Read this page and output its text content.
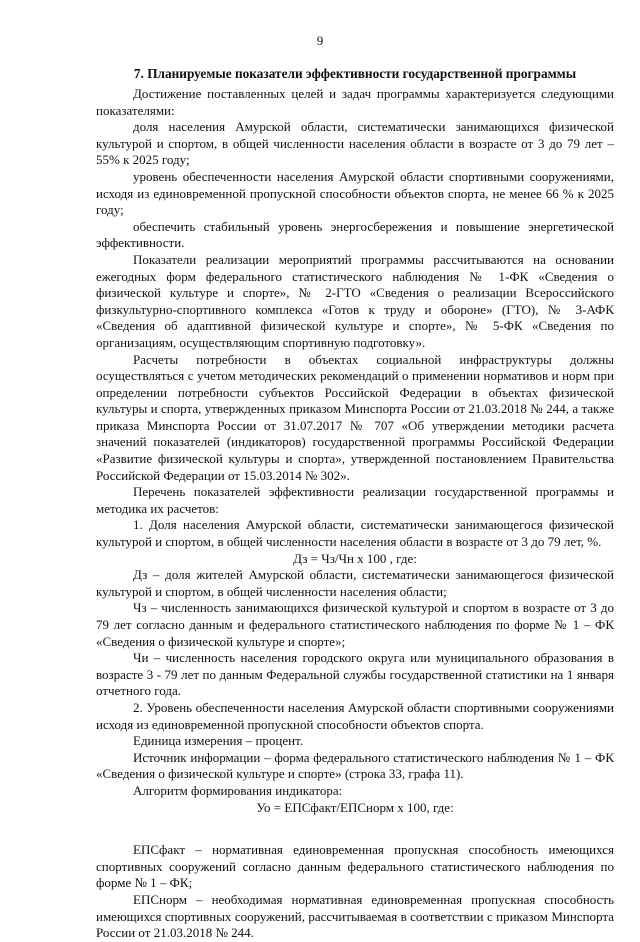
9
7. Планируемые показатели эффективности государственной программы

Достижение поставленных целей и задач программы характеризуется следующими показателями:

доля населения Амурской области, систематически занимающихся физической культурой и спортом, в общей численности населения области в возрасте от 3 до 79 лет – 55% к 2025 году;

уровень обеспеченности населения Амурской области спортивными сооружениями, исходя из единовременной пропускной способности объектов спорта, не менее 66 % к 2025 году;

обеспечить стабильный уровень энергосбережения и повышение энергетической эффективности.

Показатели реализации мероприятий программы рассчитываются на основании ежегодных форм федерального статистического наблюдения № 1-ФК «Сведения о физической культуре и спорте», № 2-ГТО «Сведения о реализации Всероссийского физкультурно-спортивного комплекса «Готов к труду и обороне» (ГТО), № 3-АФК «Сведения об адаптивной физической культуре и спорте», № 5-ФК «Сведения по организациям, осуществляющим спортивную подготовку».

Расчеты потребности в объектах социальной инфраструктуры должны осуществляться с учетом методических рекомендаций о применении нормативов и норм при определении потребности субъектов Российской Федерации в объектах физической культуры и спорта, утвержденных приказом Минспорта России от 21.03.2018 № 244, а также приказа Минспорта России от 31.07.2017 № 707 «Об утверждении методики расчета значений показателей (индикаторов) государственной программы Российской Федерации «Развитие физической культуры и спорта», утвержденной постановлением Правительства Российской Федерации от 15.03.2014 № 302».

Перечень показателей эффективности реализации государственной программы и методика их расчетов:

1. Доля населения Амурской области, систематически занимающегося физической культурой и спортом, в общей численности населения области в возрасте от 3 до 79 лет, %.

Дз = Чз/Чн х 100 , где:

Дз – доля жителей Амурской области, систематически занимающегося физической культурой и спортом, в общей численности населения области;

Чз – численность занимающихся физической культурой и спортом в возрасте от 3 до 79 лет согласно данным и федерального статистического наблюдения по форме № 1 – ФК «Сведения о физической культуре и спорте»;

Чи – численность населения городского округа или муниципального образования в возрасте 3 - 79 лет по данным Федеральной службы государственной статистики на 1 января отчетного года.

2. Уровень обеспеченности населения Амурской области спортивными сооружениями исходя из единовременной пропускной способности объектов спорта.

Единица измерения – процент.

Источник информации – форма федерального статистического наблюдения № 1 – ФК «Сведения о физической культуре и спорте» (строка 33, графа 11).

Алгоритм формирования индикатора:

Уо = ЕПСфакт/ЕПСнорм х 100, где:

ЕПСфакт – нормативная единовременная пропускная способность имеющихся спортивных сооружений согласно данным федерального статистического наблюдения по форме № 1 – ФК;

ЕПСнорм – необходимая нормативная единовременная пропускная способность имеющихся спортивных сооружений, рассчитываемая в соответствии с приказом Минспорта России от 21.03.2018 № 244.
